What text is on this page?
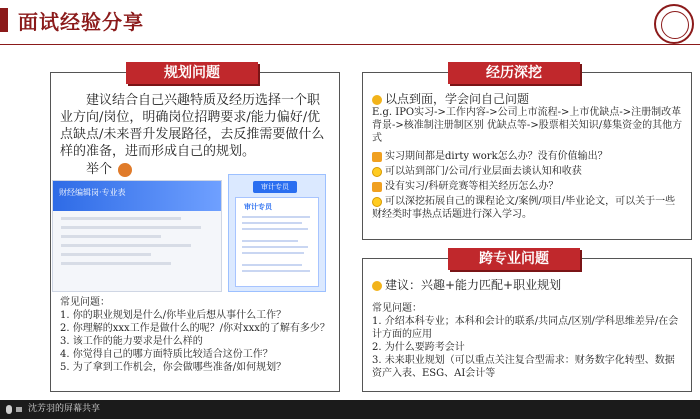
面试经验分享
规划问题
建议结合自己兴趣特质及经历选择一个职业方向/岗位，明确岗位招聘要求/能力偏好/优点缺点/未来晋升发展路径，去反推需要做什么样的准备，进而形成自己的规划。
举个
财经编辑岗·专业表
审计专员
审计专员
常见问题：
1. 你的职业规划是什么/你毕业后想从事什么工作？
2. 你理解的xxx工作是做什么的呢？/你对xxx的了解有多少？
3. 该工作的能力要求是什么样的
4. 你觉得自己的哪方面特质比较适合这份工作？
5. 为了拿到工作机会，你会做哪些准备/如何规划？
经历深挖
以点到面，学会问自己问题
E.g. IPO实习->工作内容->公司上市流程->上市优缺点->注册制改革背景->核准制注册制区别 优缺点等->股票相关知识/募集资金的其他方式
实习期间都是dirty work怎么办？没有价值输出？
可以站到部门/公司/行业层面去谈认知和收获
没有实习/科研竞赛等相关经历怎么办？
可以深挖拓展自己的课程论文/案例/项目/毕业论文，可以关于一些财经类时事热点话题进行深入学习。
跨专业问题
建议：兴趣+能力匹配+职业规划
常见问题：
1. 介绍本科专业；本科和会计的联系/共同点/区别/学科思维差异/在会计方面的应用
2. 为什么要跨考会计
3. 未来职业规划（可以重点关注复合型需求：财务数字化转型、数据资产入表、ESG、AI会计等
沈芳羽的屏幕共享
